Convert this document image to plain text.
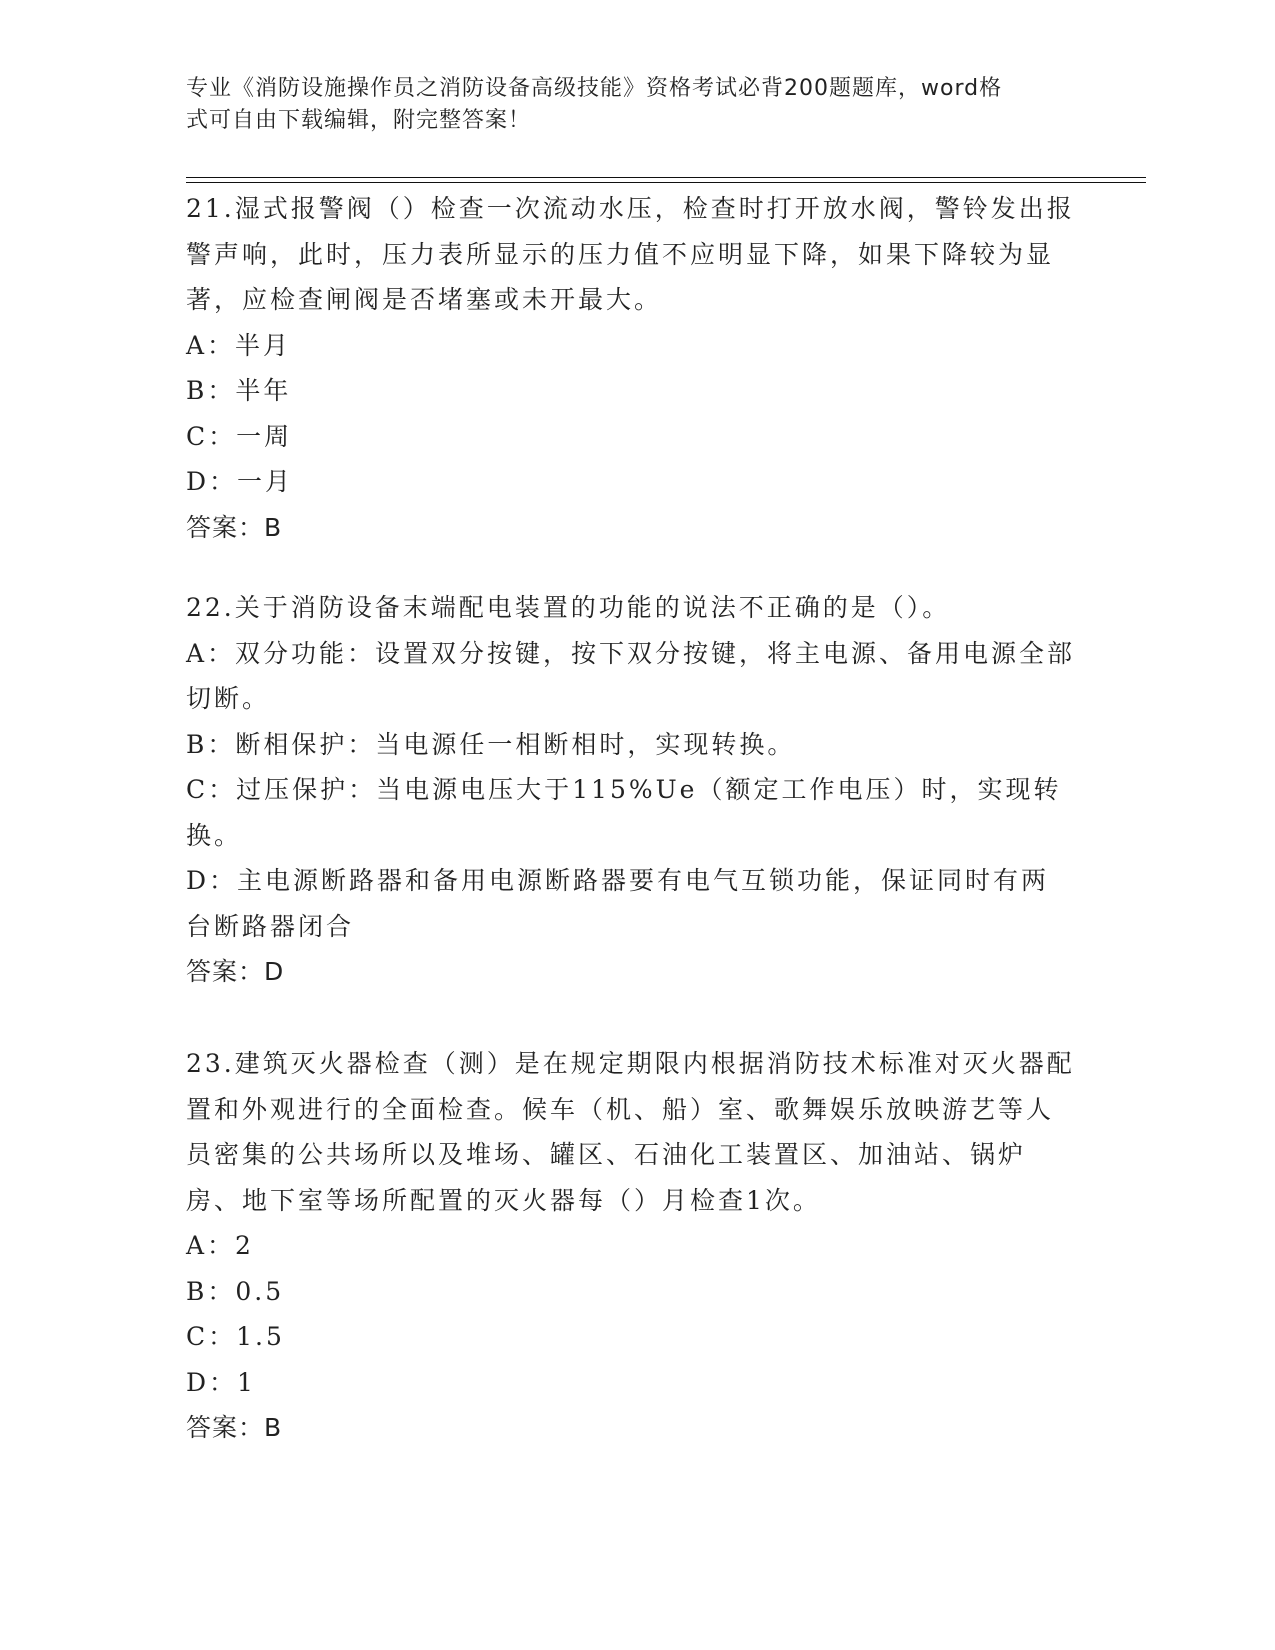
专业《消防设施操作员之消防设备高级技能》资格考试必背200题题库，word格
式可自由下载编辑，附完整答案！

21.湿式报警阀（）检查一次流动水压，检查时打开放水阀，警铃发出报警声响，此时，压力表所显示的压力值不应明显下降，如果下降较为显著，应检查闸阀是否堵塞或未开最大。

A：半月

B：半年

C：一周

D：一月

答案：B

22.关于消防设备末端配电装置的功能的说法不正确的是（）。

A：双分功能：设置双分按键，按下双分按键，将主电源、备用电源全部切断。

B：断相保护：当电源任一相断相时，实现转换。

C：过压保护：当电源电压大于115%Ue（额定工作电压）时，实现转换。

D：主电源断路器和备用电源断路器要有电气互锁功能，保证同时有两台断路器闭合

答案：D

23.建筑灭火器检查（测）是在规定期限内根据消防技术标准对灭火器配置和外观进行的全面检查。候车（机、船）室、歌舞娱乐放映游艺等人员密集的公共场所以及堆场、罐区、石油化工装置区、加油站、锅炉房、地下室等场所配置的灭火器每（）月检查1次。

A：2

B：0.5

C：1.5

D：1

答案：B
